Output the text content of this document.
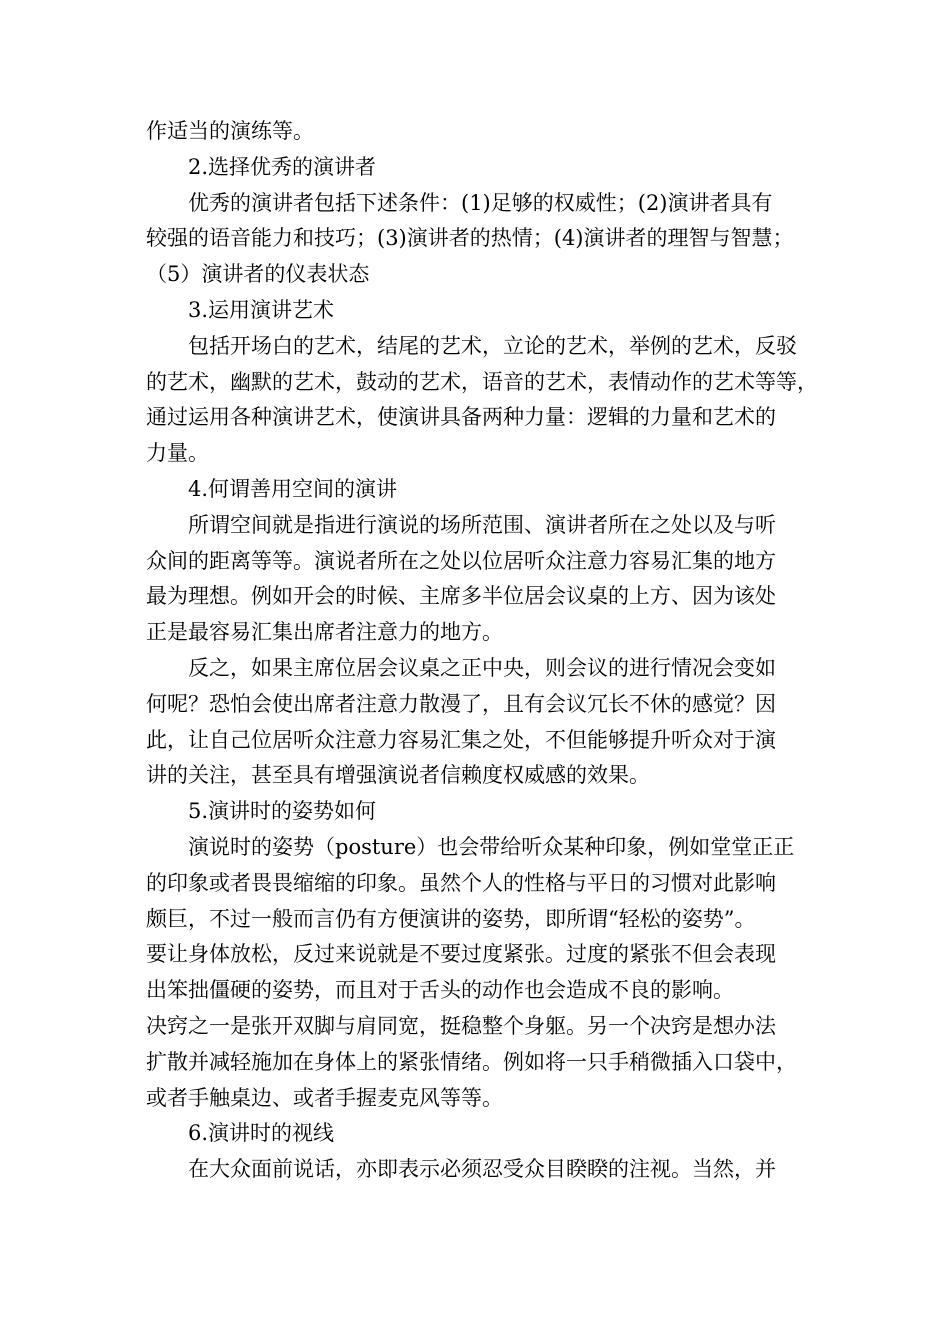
作适当的演练等。
2.选择优秀的演讲者
优秀的演讲者包括下述条件：(1)足够的权威性；(2)演讲者具有
较强的语音能力和技巧；(3)演讲者的热情；(4)演讲者的理智与智慧；
（5）演讲者的仪表状态
3.运用演讲艺术
包括开场白的艺术，结尾的艺术，立论的艺术，举例的艺术，反驳
的艺术，幽默的艺术，鼓动的艺术，语音的艺术，表情动作的艺术等等，
通过运用各种演讲艺术，使演讲具备两种力量：逻辑的力量和艺术的
力量。
4.何谓善用空间的演讲
所谓空间就是指进行演说的场所范围、演讲者所在之处以及与听
众间的距离等等。演说者所在之处以位居听众注意力容易汇集的地方
最为理想。例如开会的时候、主席多半位居会议桌的上方、因为该处
正是最容易汇集出席者注意力的地方。
反之，如果主席位居会议桌之正中央，则会议的进行情况会变如
何呢？恐怕会使出席者注意力散漫了，且有会议冗长不休的感觉？因
此，让自己位居听众注意力容易汇集之处，不但能够提升听众对于演
讲的关注，甚至具有增强演说者信赖度权威感的效果。
5.演讲时的姿势如何
演说时的姿势（posture）也会带给听众某种印象，例如堂堂正正
的印象或者畏畏缩缩的印象。虽然个人的性格与平日的习惯对此影响
颇巨，不过一般而言仍有方便演讲的姿势，即所谓“轻松的姿势”。
要让身体放松，反过来说就是不要过度紧张。过度的紧张不但会表现
出笨拙僵硬的姿势，而且对于舌头的动作也会造成不良的影响。
决窍之一是张开双脚与肩同宽，挺稳整个身躯。另一个决窍是想办法
扩散并减轻施加在身体上的紧张情绪。例如将一只手稍微插入口袋中，
或者手触桌边、或者手握麦克风等等。
6.演讲时的视线
在大众面前说话，亦即表示必须忍受众目睽睽的注视。当然，并
